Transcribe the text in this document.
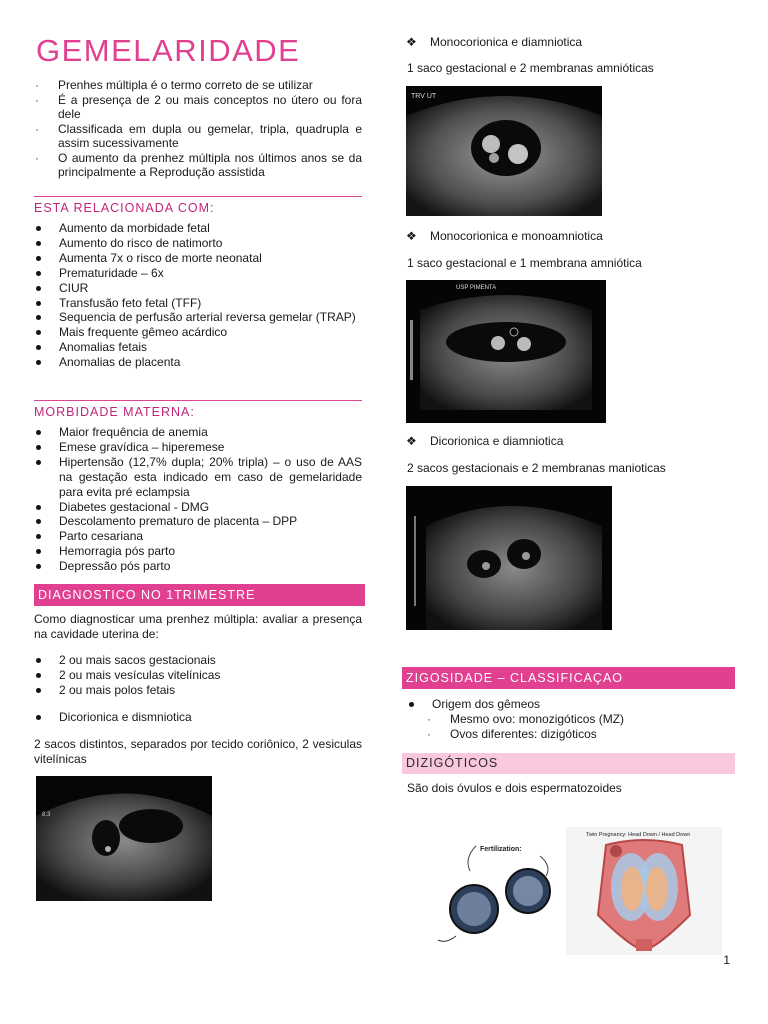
GEMELARIDADE
· Prenhes múltipla é o termo correto de se utilizar
· É a presença de 2 ou mais conceptos no útero ou fora dele
· Classificada em dupla ou gemelar, tripla, quadrupla e assim sucessivamente
· O aumento da prenhez múltipla nos últimos anos se da principalmente a Reprodução assistida
ESTA RELACIONADA COM:
Aumento da morbidade fetal
Aumento do risco de natimorto
Aumenta 7x o risco de morte neonatal
Prematuridade – 6x
CIUR
Transfusão feto fetal (TFF)
Sequencia de perfusão arterial reversa gemelar (TRAP)
Mais frequente gêmeo acárdico
Anomalias fetais
Anomalias de placenta
MORBIDADE MATERNA:
Maior frequência de anemia
Emese gravídica – hiperemese
Hipertensão (12,7% dupla; 20% tripla) – o uso de AAS na gestação esta indicado em caso de gemelaridade para evita pré eclampsia
Diabetes gestacional - DMG
Descolamento prematuro de placenta – DPP
Parto cesariana
Hemorragia pós parto
Depressão pós parto
DIAGNOSTICO NO 1TRIMESTRE

Como diagnosticar uma prenhez múltipla: avaliar a presença na cavidade uterina de:

2 ou mais sacos gestacionais
2 ou mais vesículas vitelínicas
2 ou mais polos fetais
Dicorionica e dismniotica

2 sacos distintos, separados por tecido coriônico, 2 vesiculas vitelínicas

8.3
❖ Monocorionica e diamniotica

1 saco gestacional e 2 membranas amnióticas

❖ Monocorionica e monoamniotica

1 saco gestacional e 1 membrana amniótica

❖ Dicorionica e diamniotica

2 sacos gestacionais e 2 membranas manioticas

ZIGOSIDADE – CLASSIFICAÇAO
Origem dos gêmeos
· Mesmo ovo: monozigóticos (MZ)
· Ovos diferentes: dizigóticos
DIZIGÓTICOS

São dois óvulos e dois espermatozoides

TRV UT
USP PIMENTA
Fertilization:
Twin Pregnancy: Head Down / Head Down
1
